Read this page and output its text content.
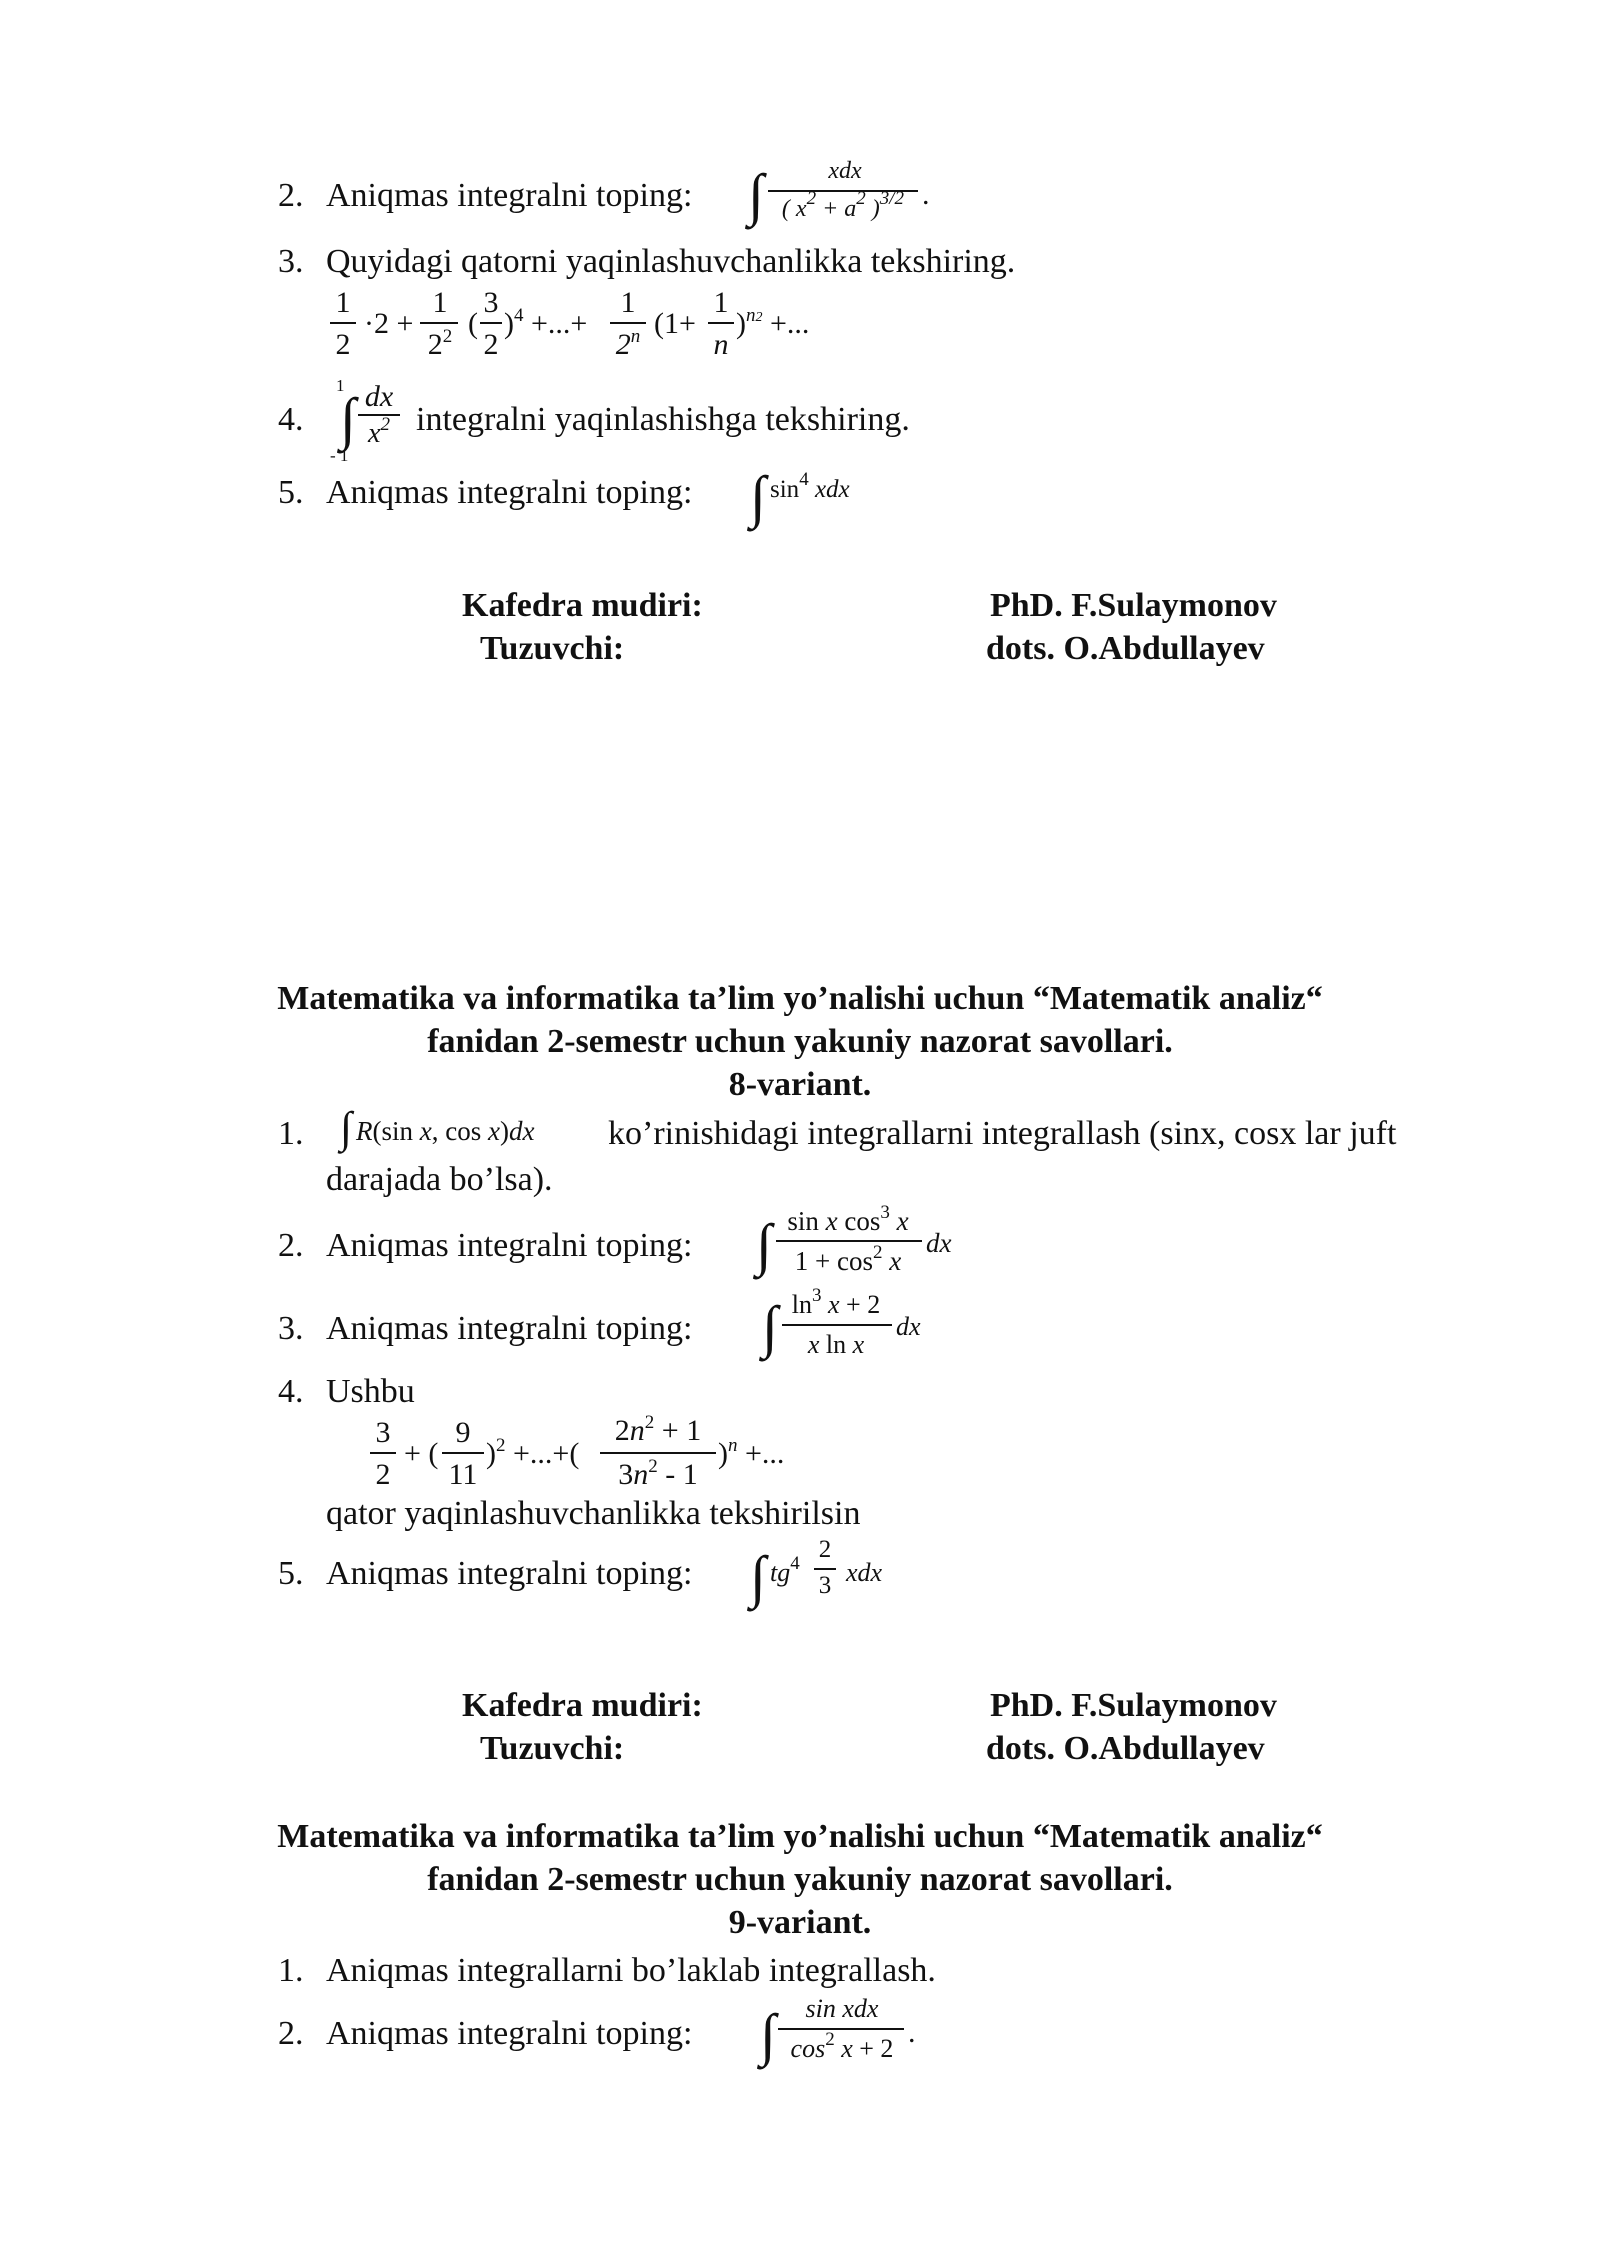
2. Aniqmas integralni toping: ∫	xdx
( $x^2 + a^2$ )$^{3/2}$ .
3. Quyidagi qatorni yaqinlashuvchanlikka tekshiring.
1
2
·2 +
1
$2^2$ (
3
2
)$^4$ +...+
1
2$^n$ (1+
1
n
)$^{n2}$ +...
4.
1
∫
- 1
dx
$x^2$ integralni yaqinlashishga tekshiring.
5. Aniqmas integralni toping: ∫ $\sin^4$ xdx
Kafedra mudiri:	PhD. F.Sulaymonov
Tuzuvchi:	dots. O.Abdullayev
Matematika va informatika ta’lim yo’nalishi uchun “Matematik analiz“
fanidan 2-semestr uchun yakuniy nazorat savollari.
8-variant.
1. ∫ R(sin x, cos x)dx ko’rinishidagi integrallarni integrallash (sinx, cosx lar juft
darajada bo’lsa).
2. Aniqmas integralni toping: ∫ sin x $\cos^3 x$
$1 + \cos^2 x$
dx
3. Aniqmas integralni toping: ∫ $\ln^3 x + 2$
x ln x
dx
4. Ushbu
3
2
+ (
9
11
)$^2$ +...+(
$2n^2 + 1$
$3n^2 - 1$
)$^n$ +...
qator yaqinlashuvchanlikka tekshirilsin
5. Aniqmas integralni toping: ∫ $tg^4$
2
3 xdx
Kafedra mudiri:	PhD. F.Sulaymonov
Tuzuvchi:	dots. O.Abdullayev
Matematika va informatika ta’lim yo’nalishi uchun “Matematik analiz“
fanidan 2-semestr uchun yakuniy nazorat savollari.
9-variant.
1. Aniqmas integrallarni bo’laklab integrallash.
2. Aniqmas integralni toping: ∫	sin xdx
$\cos^2 x + 2$ .
